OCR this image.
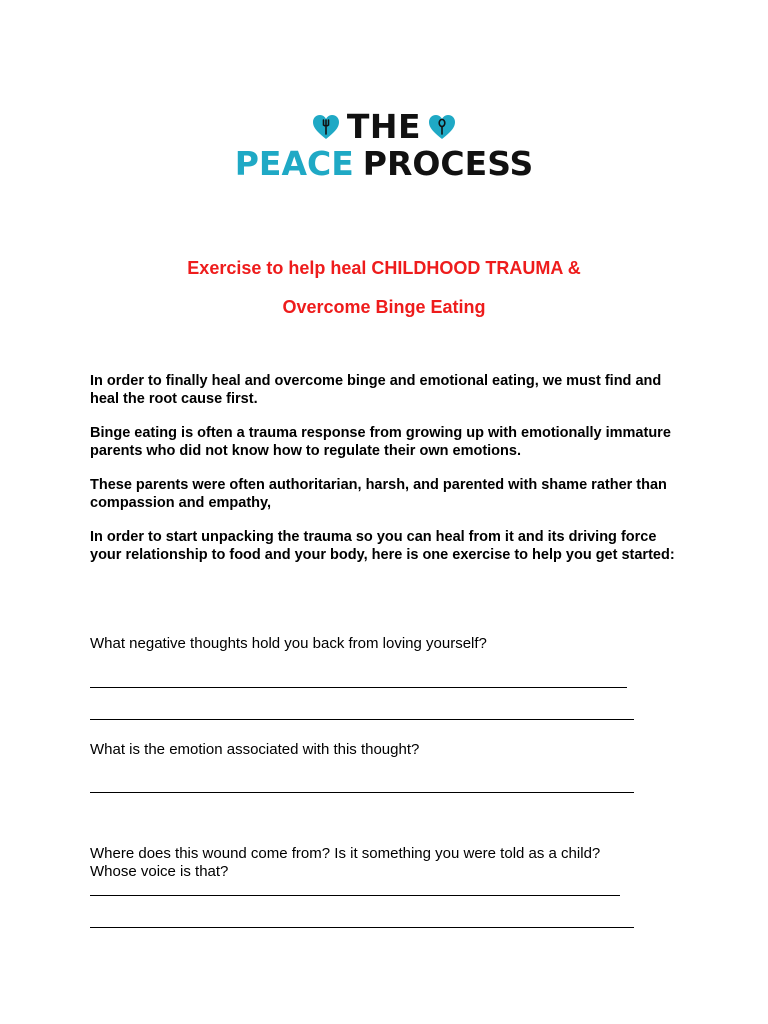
THE
PEACE PROCESS
Exercise to help heal CHILDHOOD TRAUMA &
Overcome Binge Eating

In order to finally heal and overcome binge and emotional eating, we must find and heal the root cause first.

Binge eating is often a trauma response from growing up with emotionally immature parents who did not know how to regulate their own emotions.

These parents were often authoritarian, harsh, and parented with shame rather than compassion and empathy,

In order to start unpacking the trauma so you can heal from it and its driving force your relationship to food and your body, here is one exercise to help you get started:

What negative thoughts hold you back from loving yourself?
What is the emotion associated with this thought?
Where does this wound come from? Is it something you were told as a child? Whose voice is that?
